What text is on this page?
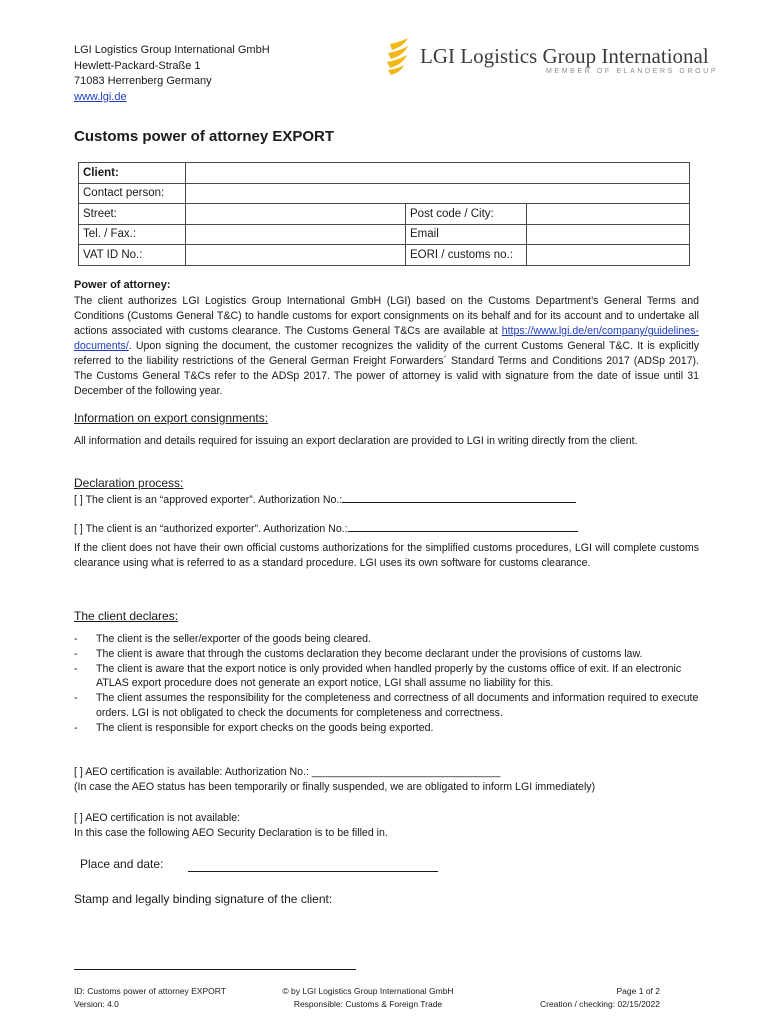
LGI Logistics Group International GmbH
Hewlett-Packard-Straße 1
71083 Herrenberg Germany
www.lgi.de
LGI Logistics Group International
MEMBER OF ELANDERS GROUP
Customs power of attorney EXPORT
Client:			
Contact person:			
Street:		Post code / City:	
Tel. / Fax.:		Email	
VAT ID No.:		EORI / customs no.:	
Power of attorney:
The client authorizes LGI Logistics Group International GmbH (LGI) based on the Customs Department’s General Terms and Conditions (Customs General T&C) to handle customs for export consignments on its behalf and for its account and to undertake all actions associated with customs clearance. The Customs General T&Cs are available at https://www.lgi.de/en/company/guidelines-documents/. Upon signing the document, the customer recognizes the validity of the current Customs General T&C. It is explicitly referred to the liability restrictions of the General German Freight Forwarders´ Standard Terms and Conditions 2017 (ADSp 2017). The Customs General T&Cs refer to the ADSp 2017. The power of attorney is valid with signature from the date of issue until 31 December of the following year.
Information on export consignments:
All information and details required for issuing an export declaration are provided to LGI in writing directly from the client.
Declaration process:
[ ] The client is an “approved exporter”. Authorization No.:
[ ] The client is an “authorized exporter”. Authorization No.:
If the client does not have their own official customs authorizations for the simplified customs procedures, LGI will complete customs clearance using what is referred to as a standard procedure. LGI uses its own software for customs clearance.
The client declares:
-	The client is the seller/exporter of the goods being cleared.
-	The client is aware that through the customs declaration they become declarant under the provisions of customs law.
-	The client is aware that the export notice is only provided when handled properly by the customs office of exit. If an electronic ATLAS export procedure does not generate an export notice, LGI shall assume no liability for this.
-	The client assumes the responsibility for the completeness and correctness of all documents and information required to execute orders. LGI is not obligated to check the documents for completeness and correctness.
-	The client is responsible for export checks on the goods being exported.
[ ] AEO certification is available: Authorization No.: ________________________________
(In case the AEO status has been temporarily or finally suspended, we are obligated to inform LGI immediately)
[ ] AEO certification is not available:
In this case the following AEO Security Declaration is to be filled in.
Place and date:
Stamp and legally binding signature of the client:
ID: Customs power of attorney EXPORT
Version: 4.0
© by LGI Logistics Group International GmbH
Responsible: Customs & Foreign Trade
Page 1 of 2
Creation / checking: 02/15/2022
